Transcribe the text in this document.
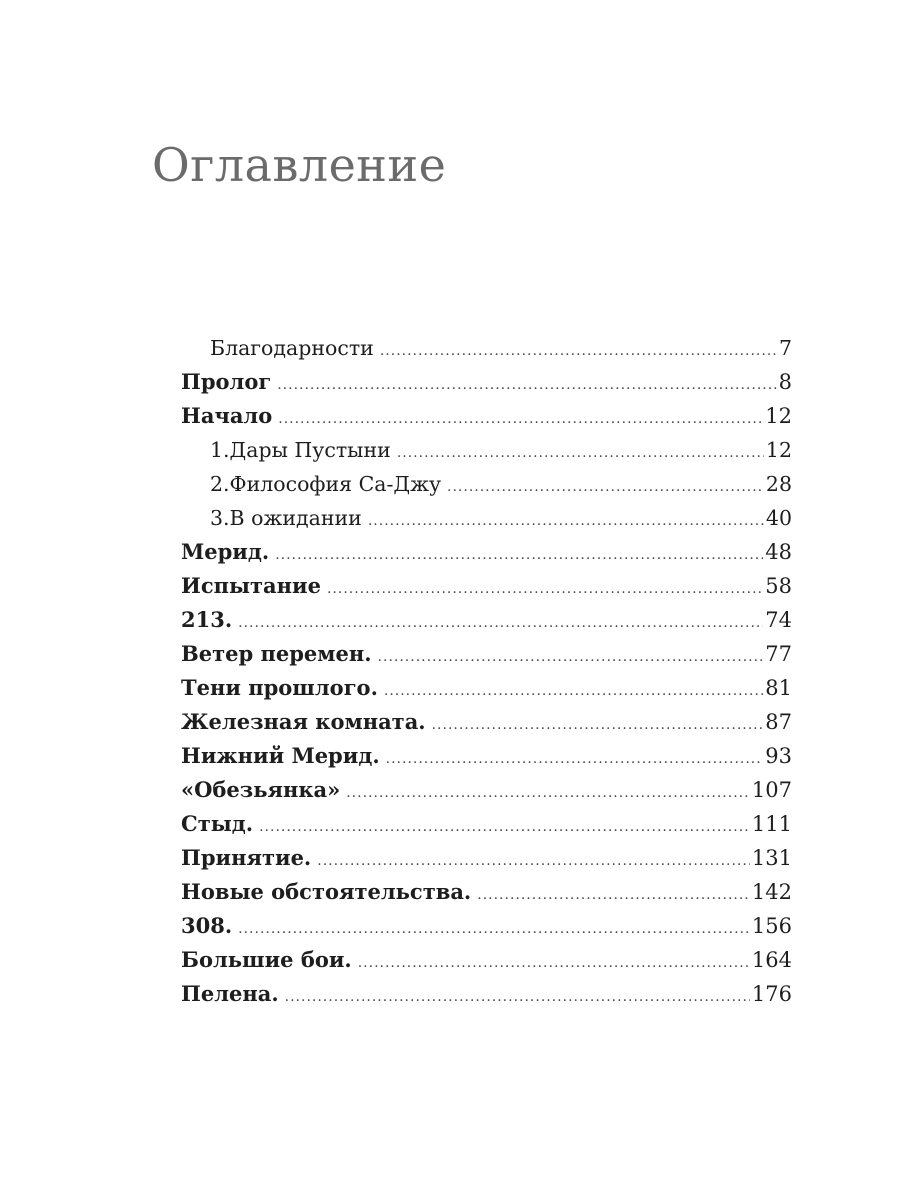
Оглавление
Благодарности .....	7
Пролог .....	8
Начало .....	12
1.Дары Пустыни .....	12
2.Философия Са-Джу .....	28
3.В ожидании .....	40
Мерид. .....	48
Испытание .....	58
213. .....	74
Ветер перемен. .....	77
Тени прошлого. .....	81
Железная комната. .....	87
Нижний Мерид. .....	93
«Обезьянка» .....	107
Стыд. .....	111
Принятие. .....	131
Новые обстоятельства. .....	142
308. .....	156
Большие бои. .....	164
Пелена. .....	176
